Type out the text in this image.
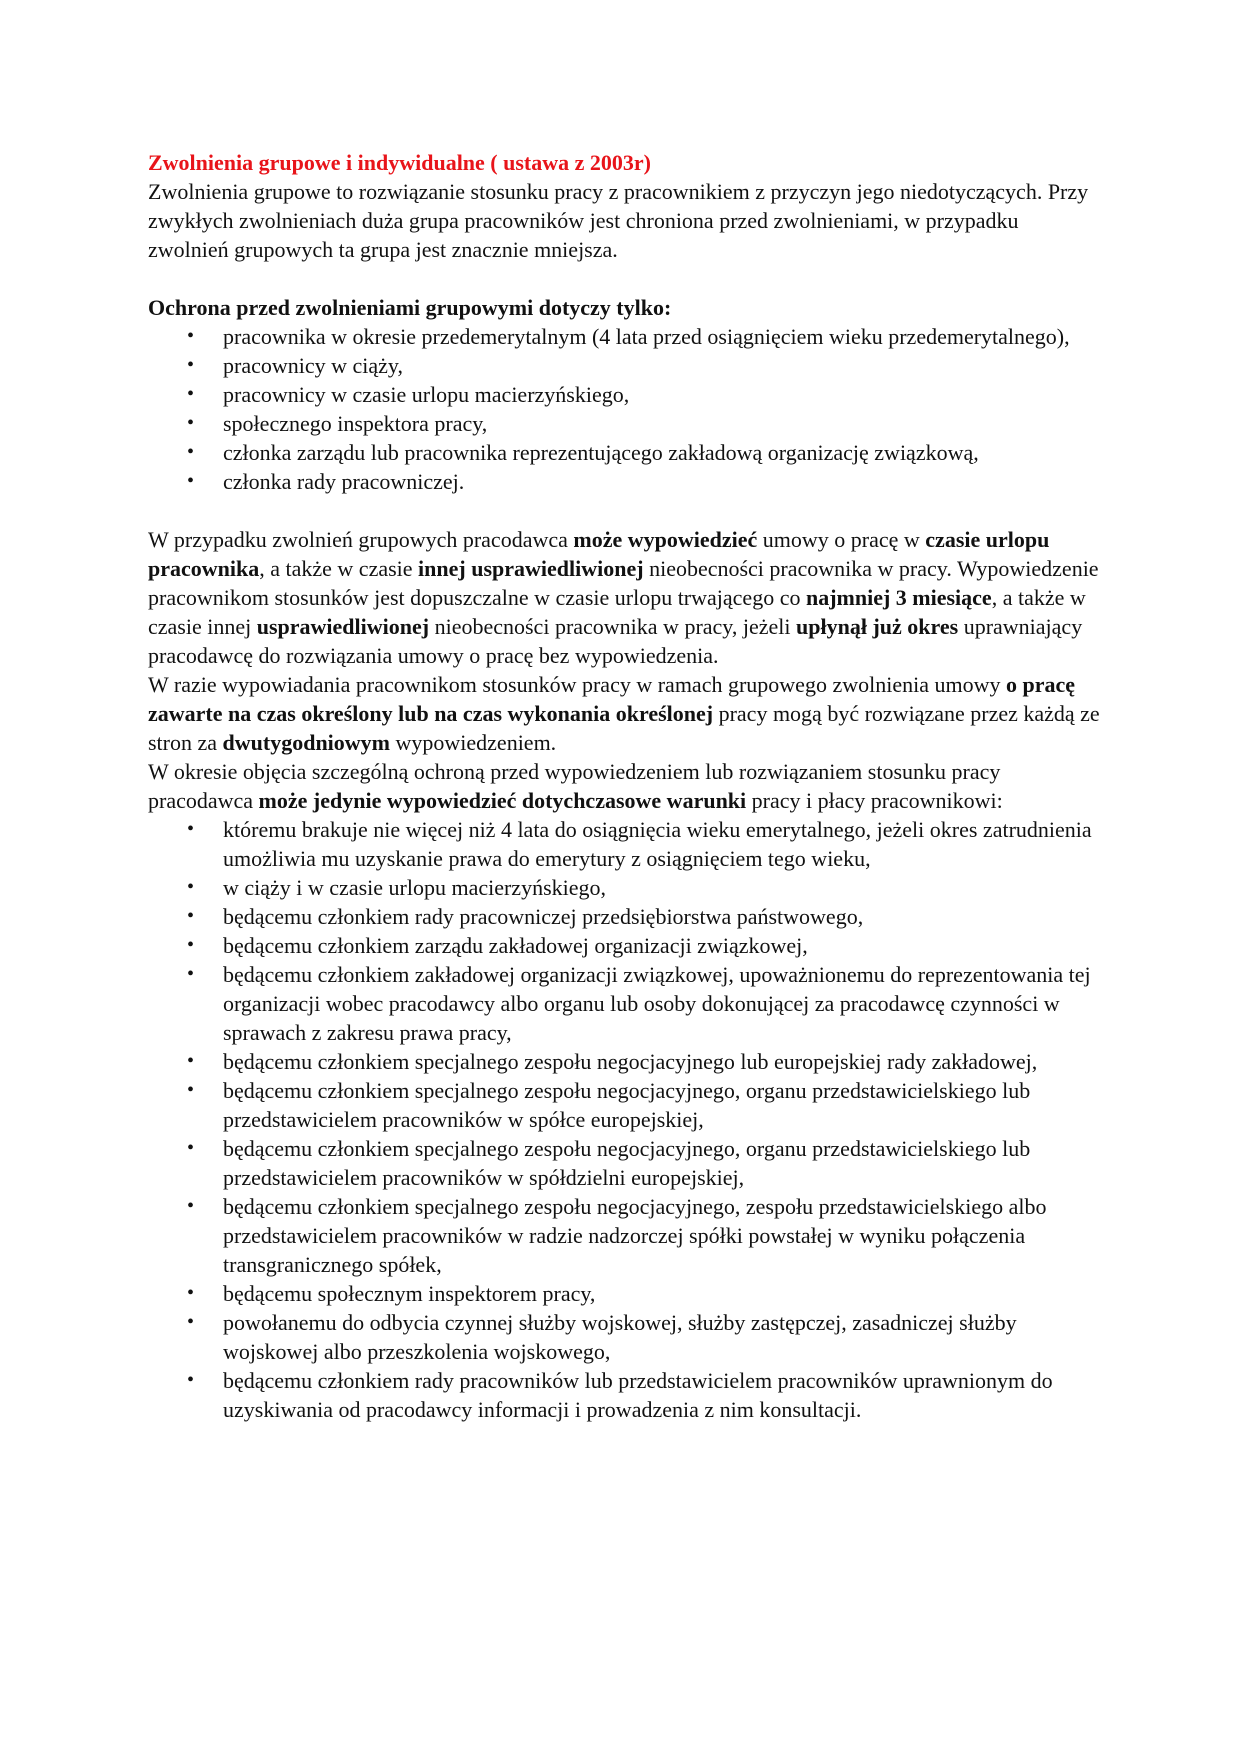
Zwolnienia grupowe i indywidualne ( ustawa z 2003r)

Zwolnienia grupowe to rozwiązanie stosunku pracy z pracownikiem z przyczyn jego niedotyczących. Przy zwykłych zwolnieniach duża grupa pracowników jest chroniona przed zwolnieniami, w przypadku zwolnień grupowych ta grupa jest znacznie mniejsza.

Ochrona przed zwolnieniami grupowymi dotyczy tylko:

• pracownika w okresie przedemerytalnym (4 lata przed osiągnięciem wieku przedemerytalnego),
• pracownicy w ciąży,
• pracownicy w czasie urlopu macierzyńskiego,
• społecznego inspektora pracy,
• członka zarządu lub pracownika reprezentującego zakładową organizację związkową,
• członka rady pracowniczej.

W przypadku zwolnień grupowych pracodawca może wypowiedzieć umowy o pracę w czasie urlopu pracownika, a także w czasie innej usprawiedliwionej nieobecności pracownika w pracy. Wypowiedzenie pracownikom stosunków jest dopuszczalne w czasie urlopu trwającego co najmniej 3 miesiące, a także w czasie innej usprawiedliwionej nieobecności pracownika w pracy, jeżeli upłynął już okres uprawniający pracodawcę do rozwiązania umowy o pracę bez wypowiedzenia.

W razie wypowiadania pracownikom stosunków pracy w ramach grupowego zwolnienia umowy o pracę zawarte na czas określony lub na czas wykonania określonej pracy mogą być rozwiązane przez każdą ze stron za dwutygodniowym wypowiedzeniem.

W okresie objęcia szczególną ochroną przed wypowiedzeniem lub rozwiązaniem stosunku pracy pracodawca może jedynie wypowiedzieć dotychczasowe warunki pracy i płacy pracownikowi:

• któremu brakuje nie więcej niż 4 lata do osiągnięcia wieku emerytalnego, jeżeli okres zatrudnienia umożliwia mu uzyskanie prawa do emerytury z osiągnięciem tego wieku,
• w ciąży i w czasie urlopu macierzyńskiego,
• będącemu członkiem rady pracowniczej przedsiębiorstwa państwowego,
• będącemu członkiem zarządu zakładowej organizacji związkowej,
• będącemu członkiem zakładowej organizacji związkowej, upoważnionemu do reprezentowania tej organizacji wobec pracodawcy albo organu lub osoby dokonującej za pracodawcę czynności w sprawach z zakresu prawa pracy,
• będącemu członkiem specjalnego zespołu negocjacyjnego lub europejskiej rady zakładowej,
• będącemu członkiem specjalnego zespołu negocjacyjnego, organu przedstawicielskiego lub przedstawicielem pracowników w spółce europejskiej,
• będącemu członkiem specjalnego zespołu negocjacyjnego, organu przedstawicielskiego lub przedstawicielem pracowników w spółdzielni europejskiej,
• będącemu członkiem specjalnego zespołu negocjacyjnego, zespołu przedstawicielskiego albo przedstawicielem pracowników w radzie nadzorczej spółki powstałej w wyniku połączenia transgranicznego spółek,
• będącemu społecznym inspektorem pracy,
• powołanemu do odbycia czynnej służby wojskowej, służby zastępczej, zasadniczej służby wojskowej albo przeszkolenia wojskowego,
• będącemu członkiem rady pracowników lub przedstawicielem pracowników uprawnionym do uzyskiwania od pracodawcy informacji i prowadzenia z nim konsultacji.
